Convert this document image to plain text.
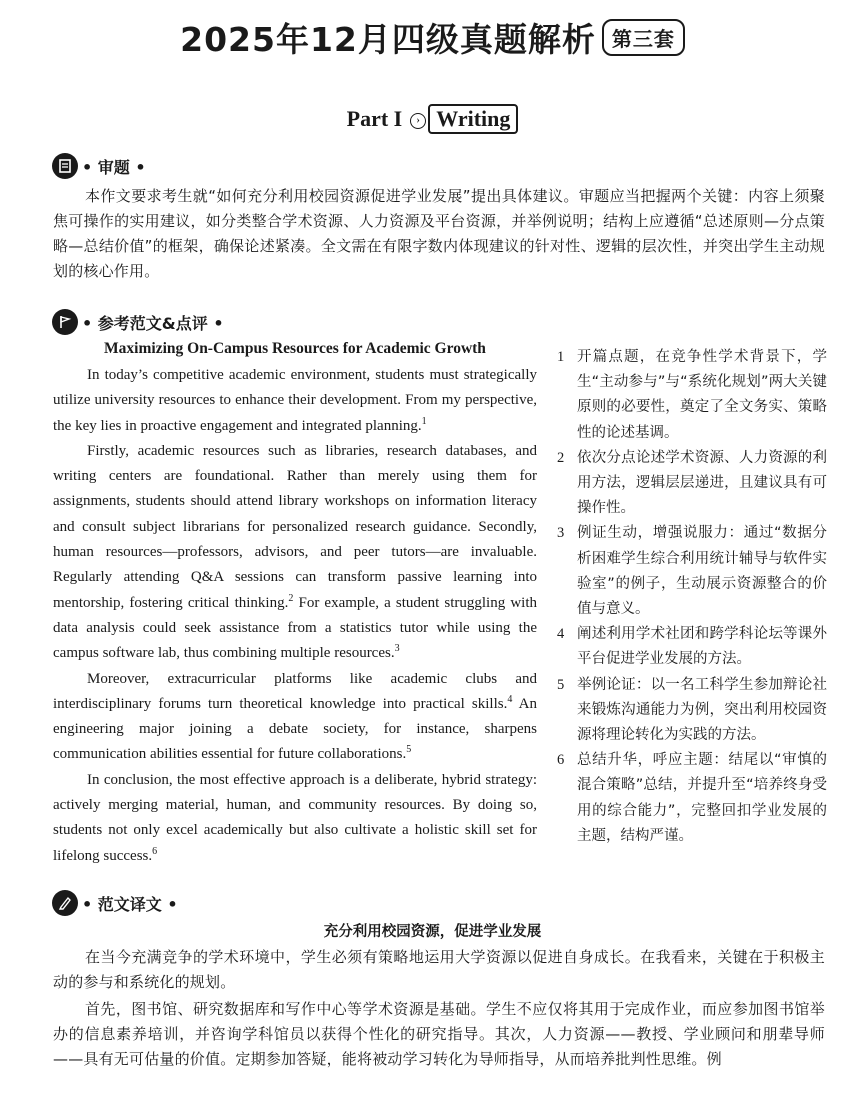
2025年12月四级真题解析 第三套
Part I › Writing
• 审题 •

本作文要求考生就“如何充分利用校园资源促进学业发展”提出具体建议。审题应当把握两个关键：内容上须聚焦可操作的实用建议，如分类整合学术资源、人力资源及平台资源，并举例说明；结构上应遵循“总述原则—分点策略—总结价值”的框架，确保论述紧凑。全文需在有限字数内体现建议的针对性、逻辑的层次性，并突出学生主动规划的核心作用。

• 参考范文&点评 •
Maximizing On-Campus Resources for Academic Growth

In today’s competitive academic environment, students must strategically utilize university resources to enhance their development. From my perspective, the key lies in proactive engagement and integrated planning.$^1$

Firstly, academic resources such as libraries, research databases, and writing centers are foundational. Rather than merely using them for assignments, students should attend library workshops on information literacy and consult subject librarians for personalized research guidance. Secondly, human resources—professors, advisors, and peer tutors—are invaluable. Regularly attending Q&A sessions can transform passive learning into mentorship, fostering critical thinking.$^2$ For example, a student struggling with data analysis could seek assistance from a statistics tutor while using the campus software lab, thus combining multiple resources.$^3$

Moreover, extracurricular platforms like academic clubs and interdisciplinary forums turn theoretical knowledge into practical skills.$^4$ An engineering major joining a debate society, for instance, sharpens communication abilities essential for future collaborations.$^5$

In conclusion, the most effective approach is a deliberate, hybrid strategy: actively merging material, human, and community resources. By doing so, students not only excel academically but also cultivate a holistic skill set for lifelong success.$^6$

1 开篇点题，在竞争性学术背景下，学生“主动参与”与“系统化规划”两大关键原则的必要性，奠定了全文务实、策略性的论述基调。
2 依次分点论述学术资源、人力资源的利用方法，逻辑层层递进，且建议具有可操作性。
3 例证生动，增强说服力：通过“数据分析困难学生综合利用统计辅导与软件实验室”的例子，生动展示资源整合的价值与意义。
4 阐述利用学术社团和跨学科论坛等课外平台促进学业发展的方法。
5 举例论证：以一名工科学生参加辩论社来锻炼沟通能力为例，突出利用校园资源将理论转化为实践的方法。
6 总结升华，呼应主题：结尾以“审慎的混合策略”总结，并提升至“培养终身受用的综合能力”，完整回扣学业发展的主题，结构严谨。
• 范文译文 •
充分利用校园资源，促进学业发展

在当今充满竞争的学术环境中，学生必须有策略地运用大学资源以促进自身成长。在我看来，关键在于积极主动的参与和系统化的规划。

首先，图书馆、研究数据库和写作中心等学术资源是基础。学生不应仅将其用于完成作业，而应参加图书馆举办的信息素养培训，并咨询学科馆员以获得个性化的研究指导。其次，人力资源——教授、学业顾问和朋辈导师——具有无可估量的价值。定期参加答疑，能将被动学习转化为导师指导，从而培养批判性思维。例
